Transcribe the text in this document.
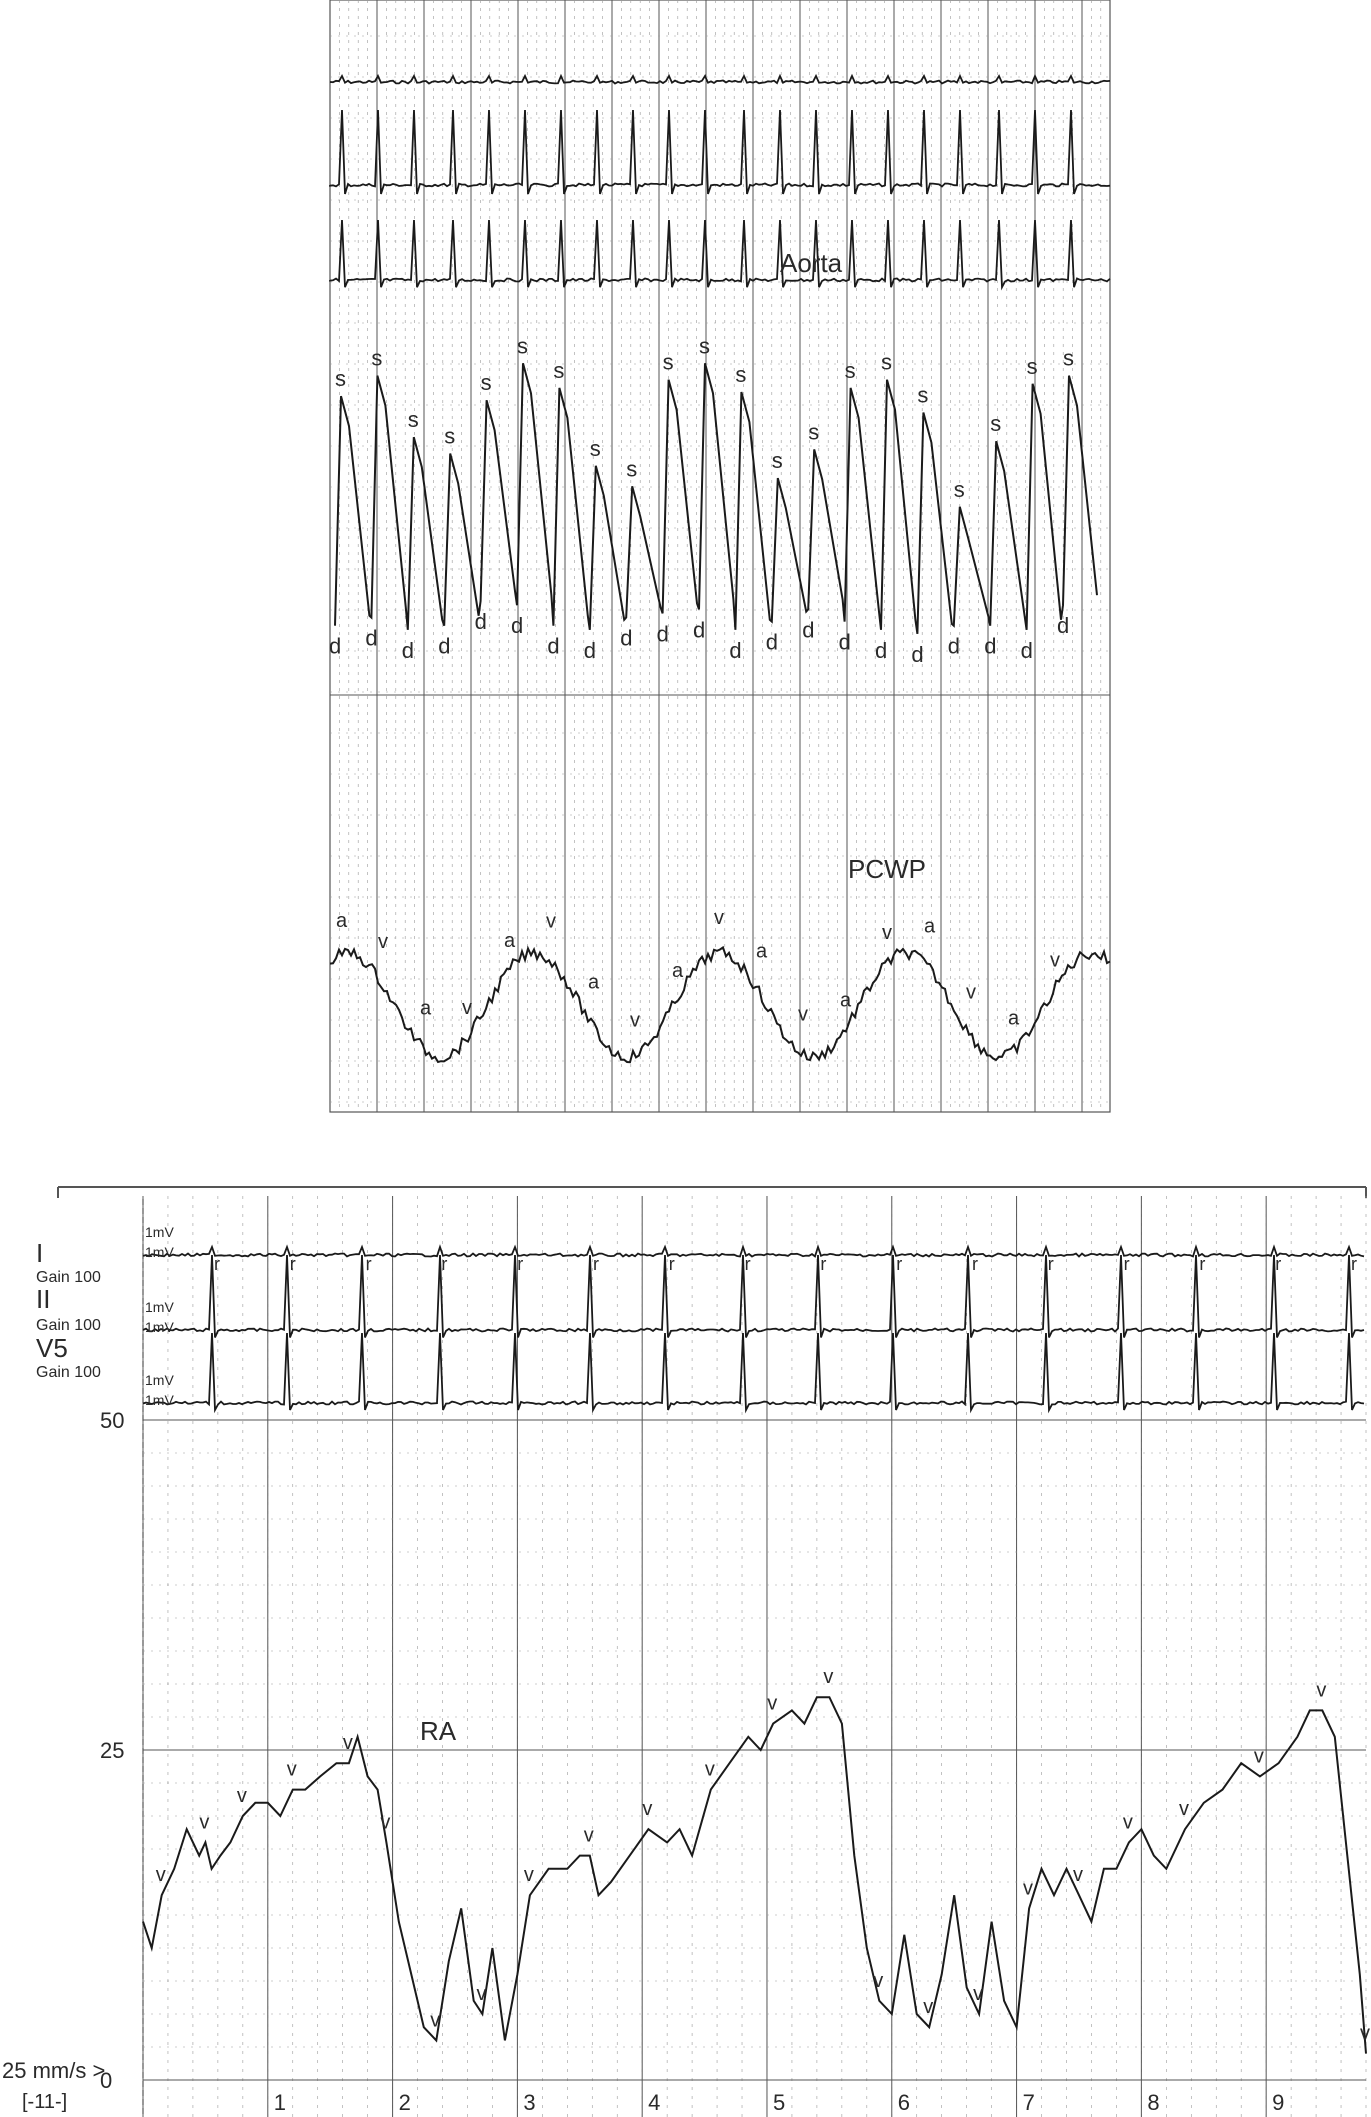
s
d
s
d
s
d
s
d
s
d
s
d
s
d
s
d
s
d
s
d
s
d
s
d
s
d
s
d
s
d
s
d
s
d
s
d
s
d
s
d
s
d
a
v
a v
a
v
a
v
a
v
a
v
a
v a
v
a
v
0
25
50
1	2	3	4	5	6	7	8	9
1mV
1mV
1mV
1mV
1mV
1mV
r	r	r	r	r	r	r	r	r	r	r	r	r	r	r	r
v
v
v
v
v
v
v
v
v
v
v
v
v
v
v
v
v
v
v
v
v
v
v
v
Aorta
PCWP
I
Gain 100
II
Gain 100
V5
Gain 100
RA
25 mm/s >
[-11-]
